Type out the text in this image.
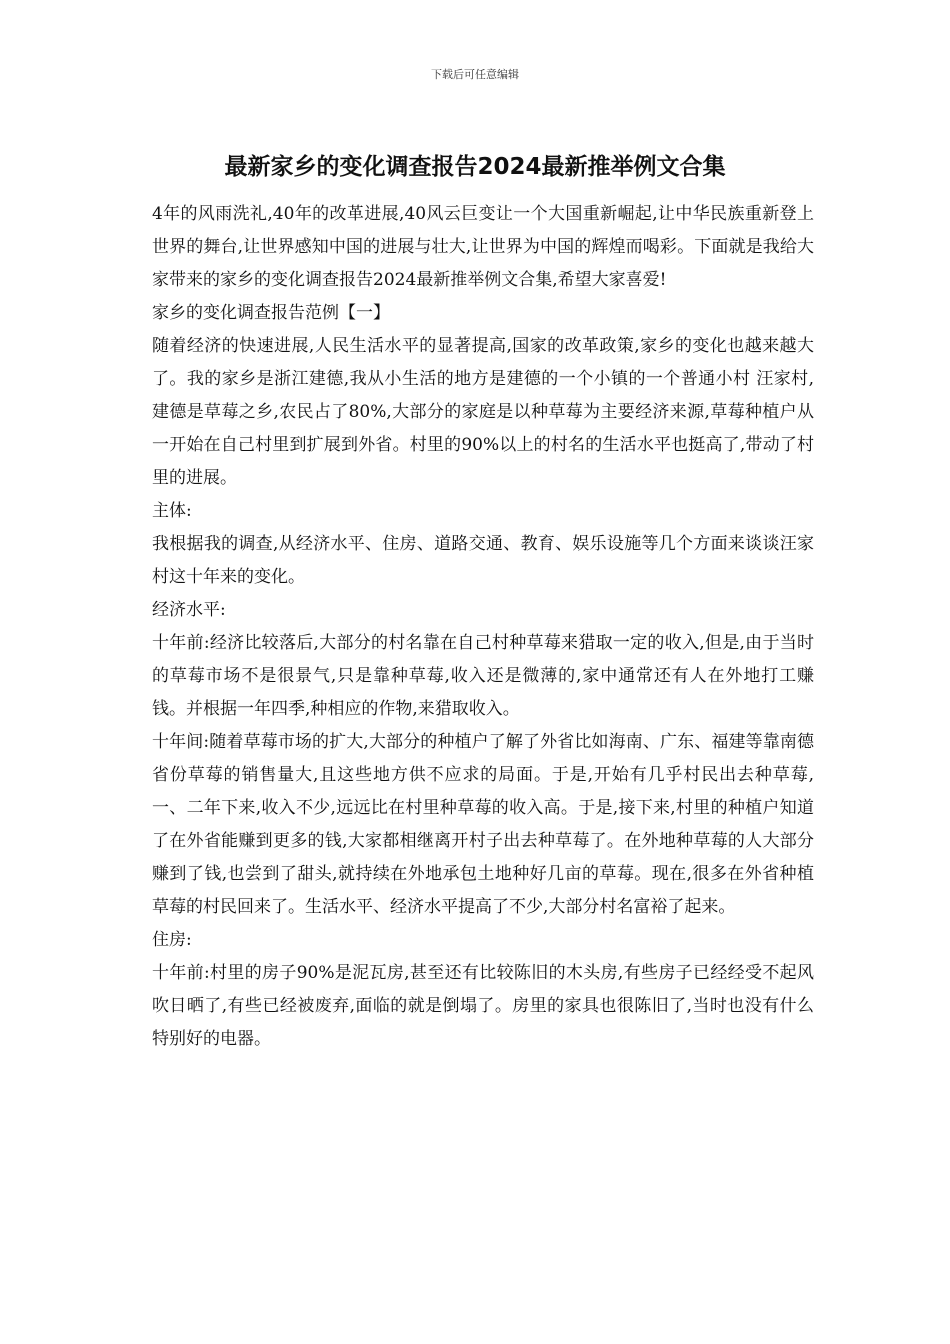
下载后可任意编辑
最新家乡的变化调查报告2024最新推举例文合集

4年的风雨洗礼,40年的改革进展,40风云巨变让一个大国重新崛起,让中华民族重新登上世界的舞台,让世界感知中国的进展与壮大,让世界为中国的辉煌而喝彩。下面就是我给大家带来的家乡的变化调查报告2024最新推举例文合集,希望大家喜爱!

家乡的变化调查报告范例【一】

随着经济的快速进展,人民生活水平的显著提高,国家的改革政策,家乡的变化也越来越大了。我的家乡是浙江建德,我从小生活的地方是建德的一个小镇的一个普通小村 汪家村,建德是草莓之乡,农民占了80%,大部分的家庭是以种草莓为主要经济来源,草莓种植户从一开始在自己村里到扩展到外省。村里的90%以上的村名的生活水平也挺高了,带动了村里的进展。

主体:

我根据我的调查,从经济水平、住房、道路交通、教育、娱乐设施等几个方面来谈谈汪家村这十年来的变化。

经济水平:

十年前:经济比较落后,大部分的村名靠在自己村种草莓来猎取一定的收入,但是,由于当时的草莓市场不是很景气,只是靠种草莓,收入还是微薄的,家中通常还有人在外地打工赚钱。并根据一年四季,种相应的作物,来猎取收入。

十年间:随着草莓市场的扩大,大部分的种植户了解了外省比如海南、广东、福建等靠南德省份草莓的销售量大,且这些地方供不应求的局面。于是,开始有几乎村民出去种草莓,一、二年下来,收入不少,远远比在村里种草莓的收入高。于是,接下来,村里的种植户知道了在外省能赚到更多的钱,大家都相继离开村子出去种草莓了。在外地种草莓的人大部分赚到了钱,也尝到了甜头,就持续在外地承包土地种好几亩的草莓。现在,很多在外省种植草莓的村民回来了。生活水平、经济水平提高了不少,大部分村名富裕了起来。

住房:

十年前:村里的房子90%是泥瓦房,甚至还有比较陈旧的木头房,有些房子已经经受不起风吹日晒了,有些已经被废弃,面临的就是倒塌了。房里的家具也很陈旧了,当时也没有什么特别好的电器。
